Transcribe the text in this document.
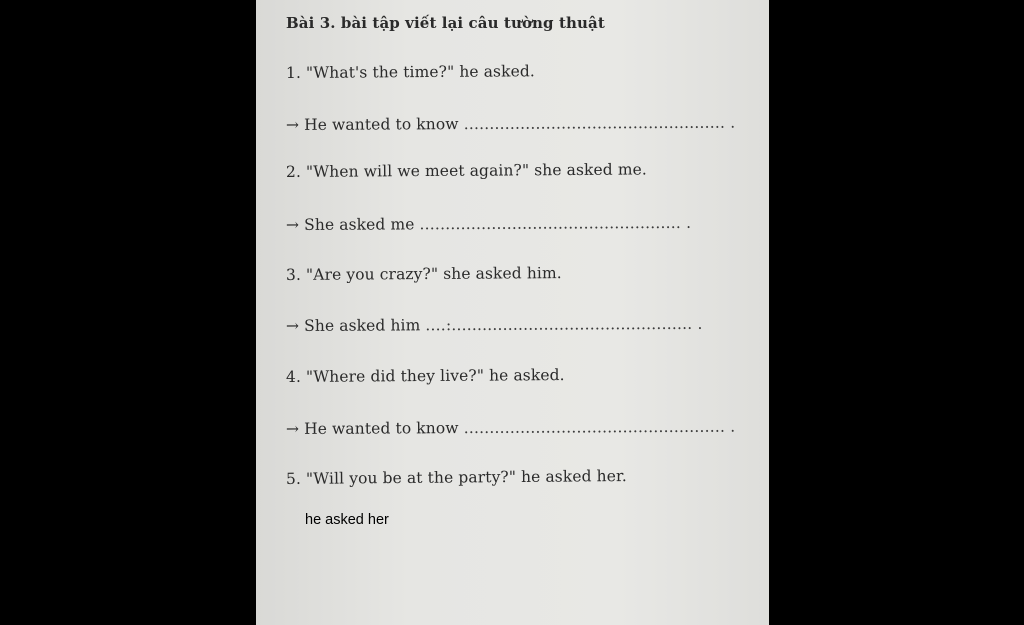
Bài 3. bài tập viết lại câu tường thuật
1. "What's the time?" he asked.
→ He wanted to know ................................................... .
2. "When will we meet again?" she asked me.
→ She asked me ................................................... .
3. "Are you crazy?" she asked him.
→ She asked him ....:............................................... .
4. "Where did they live?" he asked.
→ He wanted to know ................................................... .
5. "Will you be at the party?" he asked her.
he asked her
